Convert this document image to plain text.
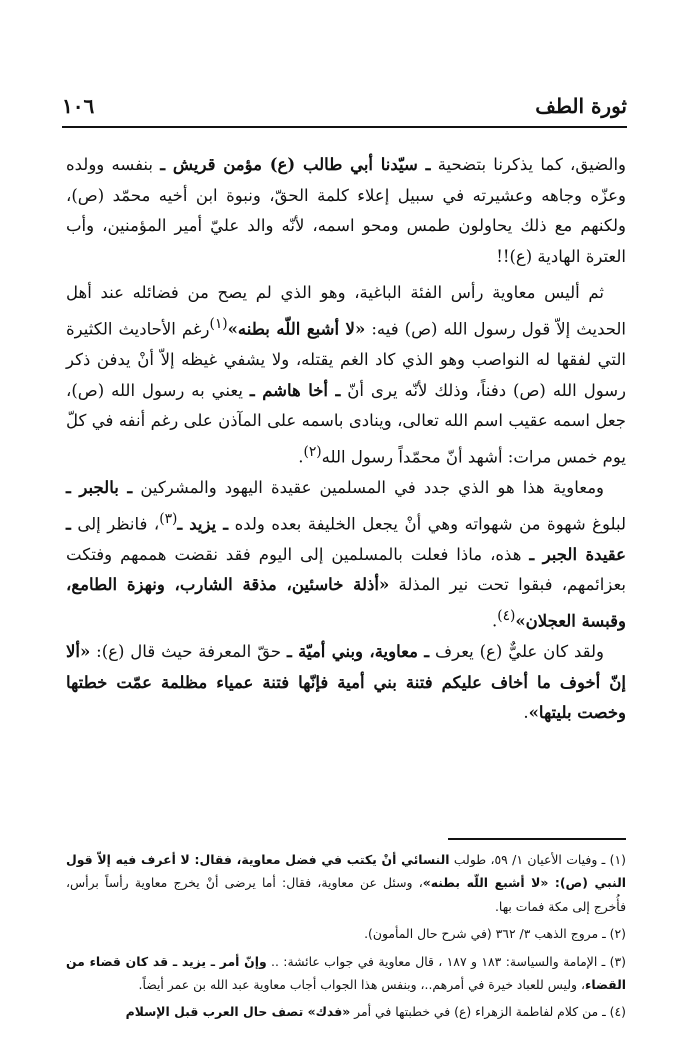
ثورة الطف
١٠٦

والضيق، كما يذكرنا بتضحية ـ سيّدنا أبي طالب (ع) مؤمن قريش ـ بنفسه وولده وعزّه وجاهه وعشيرته في سبيل إعلاء كلمة الحقّ، ونبوة ابن أخيه محمّد (ص)، ولكنهم مع ذلك يحاولون طمس ومحو اسمه، لأنّه والد عليّ أمير المؤمنين، وأب العترة الهادية (ع)!!

ثم أليس معاوية رأس الفئة الباغية، وهو الذي لم يصح من فضائله عند أهل الحديث إلاّ قول رسول الله (ص) فيه: «لا أشبع اللّه بطنه»$^{(١)}$رغم الأحاديث الكثيرة التي لفقها له النواصب وهو الذي كاد الغم يقتله، ولا يشفي غيظه إلاّ أنْ يدفن ذكر رسول الله (ص) دفناً، وذلك لأنّه يرى أنّ ـ أخا هاشم ـ يعني به رسول الله (ص)، جعل اسمه عقيب اسم الله تعالى، وينادى باسمه على المآذن على رغم أنفه في كلّ يوم خمس مرات: أشهد أنّ محمّداً رسول الله$^{(٢)}$.

ومعاوية هذا هو الذي جدد في المسلمين عقيدة اليهود والمشركين ـ بالجبر ـ لبلوغ شهوة من شهواته وهي أنْ يجعل الخليفة بعده ولده ـ يزيد ـ$^{(٣)}$، فانظر إلى ـ عقيدة الجبر ـ هذه، ماذا فعلت بالمسلمين إلى اليوم فقد نقضت هممهم وفتكت بعزائمهم، فبقوا تحت نير المذلة «أذلة خاسئين، مذقة الشارب، ونهزة الطامع، وقبسة العجلان»$^{(٤)}$.

ولقد كان عليٌّ (ع) يعرف ـ معاوية، وبني أميّة ـ حقّ المعرفة حيث قال (ع): «ألا إنّ أخوف ما أخاف عليكم فتنة بني أمية فإنّها فتنة عمياء مظلمة عمّت خطتها وخصت بليتها».

(١) ـ وفيات الأعيان ١/ ٥٩، طولب النسائي أنْ يكتب في فضل معاوية، فقال: لا أعرف فيه إلاّ قول النبي (ص): «لا أشبع اللّه بطنه»، وسئل عن معاوية، فقال: أما يرضى أنْ يخرج معاوية رأساً برأس، فأُخرج إلى مكة فمات بها.

(٢) ـ مروج الذهب ٣/ ٣٦٢ (في شرح حال المأمون).

(٣) ـ الإمامة والسياسة: ١٨٣ و ١٨٧ ، قال معاوية في جواب عائشة: .. وإنّ أمر ـ يزيد ـ قد كان قضاء من القضاء، وليس للعباد خيرة في أمرهم..، وبنفس هذا الجواب أجاب معاوية عبد الله بن عمر أيضاً.

(٤) ـ من كلام لفاطمة الزهراء (ع) في خطبتها في أمر «فدك» تصف حال العرب قبل الإسلام
